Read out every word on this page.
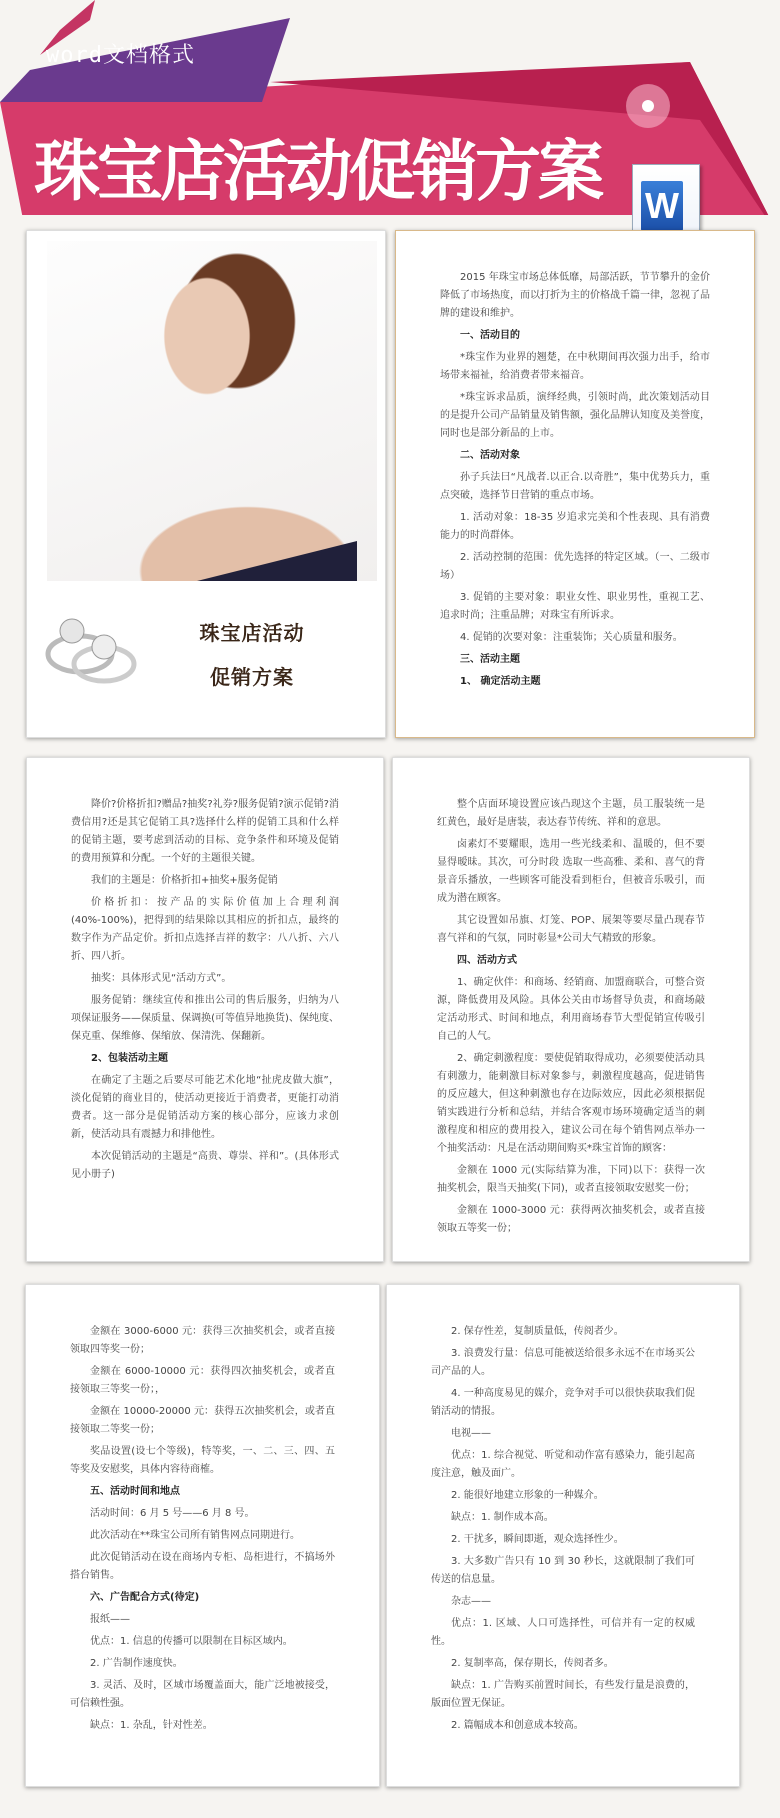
word文档格式
珠宝店活动促销方案 W
珠宝店活动
促销方案

2015 年珠宝市场总体低靡，局部活跃，节节攀升的金价降低了市场热度，而以打折为主的价格战千篇一律，忽视了品牌的建设和维护。

一、活动目的

*珠宝作为业界的翘楚，在中秋期间再次强力出手，给市场带来福祉，给消费者带来福音。

*珠宝诉求品质，演绎经典，引领时尚，此次策划活动目的是提升公司产品销量及销售额，强化品牌认知度及美誉度，同时也是部分新品的上市。

二、活动对象

孙子兵法曰“凡战者.以正合.以奇胜”，集中优势兵力，重点突破，选择节日营销的重点市场。

1. 活动对象：18-35 岁追求完美和个性表现、具有消费能力的时尚群体。

2. 活动控制的范围：优先选择的特定区域。（一、二级市场）

3. 促销的主要对象：职业女性、职业男性，重视工艺、追求时尚；注重品牌；对珠宝有所诉求。

4. 促销的次要对象：注重装饰；关心质量和服务。

三、活动主题

1、 确定活动主题

降价?价格折扣?赠品?抽奖?礼券?服务促销?演示促销?消费信用?还是其它促销工具?选择什么样的促销工具和什么样的促销主题，要考虑到活动的目标、竞争条件和环境及促销的费用预算和分配。一个好的主题很关键。

我们的主题是：价格折扣+抽奖+服务促销

价格折扣：按产品的实际价值加上合理利润(40%-100%)，把得到的结果除以其相应的折扣点，最终的数字作为产品定价。折扣点选择吉祥的数字：八八折、六八折、四八折。

抽奖：具体形式见“活动方式”。

服务促销：继续宣传和推出公司的售后服务，归纳为八项保证服务——保质量、保调换(可等值异地换货)、保纯度、保克重、保维修、保缩放、保清洗、保翻新。

2、包装活动主题

在确定了主题之后要尽可能艺术化地“扯虎皮做大旗”，淡化促销的商业目的，使活动更接近于消费者，更能打动消费者。这一部分是促销活动方案的核心部分，应该力求创新，使活动具有震撼力和排他性。

本次促销活动的主题是“高贵、尊崇、祥和”。(具体形式见小册子)

整个店面环境设置应该凸现这个主题，员工服装统一是红黄色，最好是唐装，表达春节传统、祥和的意思。

卤素灯不要耀眼，选用一些光线柔和、温暖的，但不要显得暧昧。其次，可分时段 选取一些高雅、柔和、喜气的背景音乐播放，一些顾客可能没看到柜台，但被音乐吸引，而成为潜在顾客。

其它设置如吊旗、灯笼、POP、展架等要尽量凸现春节喜气祥和的气氛，同时彰显*公司大气精致的形象。

四、活动方式

1、确定伙伴：和商场、经销商、加盟商联合，可整合资源，降低费用及风险。具体公关由市场督导负责，和商场敲定活动形式、时间和地点，利用商场春节大型促销宣传吸引自己的人气。

2、确定刺激程度：要使促销取得成功，必须要使活动具有刺激力，能刺激目标对象参与，刺激程度越高，促进销售的反应越大，但这种刺激也存在边际效应，因此必须根据促销实践进行分析和总结，并结合客观市场环境确定适当的刺激程度和相应的费用投入，建议公司在每个销售网点举办一个抽奖活动：凡是在活动期间购买*珠宝首饰的顾客：

金额在 1000 元(实际结算为准，下同)以下：获得一次抽奖机会，限当天抽奖(下同)，或者直接领取安慰奖一份；

金额在 1000-3000 元：获得两次抽奖机会，或者直接领取五等奖一份；

金额在 3000-6000 元：获得三次抽奖机会，或者直接领取四等奖一份；

金额在 6000-10000 元：获得四次抽奖机会，或者直接领取三等奖一份；，

金额在 10000-20000 元：获得五次抽奖机会，或者直接领取二等奖一份；

奖品设置(设七个等级)，特等奖，一、二、三、四、五等奖及安慰奖，具体内容待商榷。

五、活动时间和地点

活动时间：6 月 5 号——6 月 8 号。

此次活动在**珠宝公司所有销售网点同期进行。

此次促销活动在设在商场内专柜、岛柜进行，不搞场外搭台销售。

六、广告配合方式(待定)

报纸——

优点：1. 信息的传播可以限制在目标区域内。

2. 广告制作速度快。

3. 灵活、及时，区域市场覆盖面大，能广泛地被接受，可信赖性强。

缺点：1. 杂乱，针对性差。

2. 保存性差，复制质量低，传阅者少。

3. 浪费发行量：信息可能被送给很多永远不在市场买公司产品的人。

4. 一种高度易见的媒介，竞争对手可以很快获取我们促销活动的情报。

电视——

优点：1. 综合视觉、听觉和动作富有感染力，能引起高度注意，触及面广。

2. 能很好地建立形象的一种媒介。

缺点：1. 制作成本高。

2. 干扰多，瞬间即逝，观众选择性少。

3. 大多数广告只有 10 到 30 秒长，这就限制了我们可传送的信息量。

杂志——

优点：1. 区域、人口可选择性，可信并有一定的权威性。

2. 复制率高，保存期长，传阅者多。

缺点：1. 广告购买前置时间长，有些发行量是浪费的，版面位置无保证。

2. 篇幅成本和创意成本较高。
